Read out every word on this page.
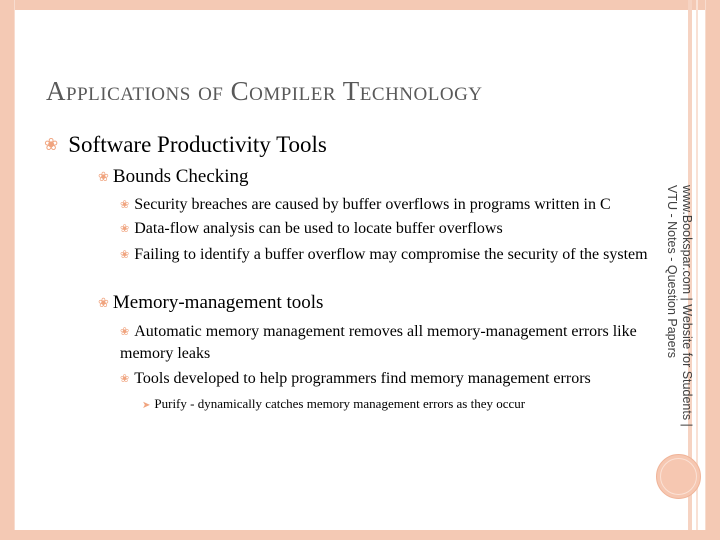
APPLICATIONS OF COMPILER TECHNOLOGY
❀ Software Productivity Tools
❀ Bounds Checking
❀ Security breaches are caused by buffer overflows in programs written in C
❀ Data-flow analysis can be used to locate buffer overflows
❀ Failing to identify a buffer overflow may compromise the security of the system
❀ Memory-management tools
❀ Automatic memory management removes all memory-management errors like memory leaks
❀ Tools developed to help programmers find memory management errors
➤ Purify - dynamically catches memory management errors as they occur	www.Bookspar.com | Website for Students | VTU - Notes - Question Papers
